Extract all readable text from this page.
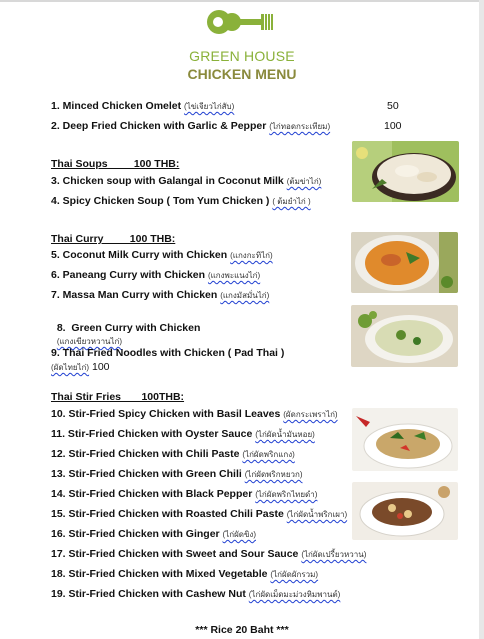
GREEN HOUSE
CHICKEN MENU
1. Minced Chicken Omelet (ไข่เจียวไก่สับ)	50
2. Deep Fried Chicken with Garlic & Pepper (ไก่ทอดกระเทียม)	100
Thai Soups         100 THB:
3. Chicken soup with Galangal in Coconut Milk (ต้มข่าไก่)
4. Spicy Chicken Soup ( Tom Yum Chicken ) ( ต้มยำไก่ )
Thai Curry         100 THB:
5. Coconut Milk Curry with Chicken (แกงกะทิไก่)
6. Paneang Curry with Chicken (แกงพะแนงไก่)
7. Massa Man Curry with Chicken (แกงมัสมั่นไก่)

8.  Green Curry with Chicken
(แกงเขียวหวานไก่)

9. Thai Fried Noodles with Chicken ( Pad Thai )
(ผัดไทยไก่) 100
Thai Stir Fries       100THB:
10. Stir-Fried Spicy Chicken with Basil Leaves (ผัดกระเพราไก่)
11. Stir-Fried Chicken with Oyster Sauce (ไก่ผัดน้ำมันหอย)
12. Stir-Fried Chicken with Chili Paste (ไก่ผัดพริกแกง)
13. Stir-Fried Chicken with Green Chili (ไก่ผัดพริกหยวก)
14. Stir-Fried Chicken with Black Pepper (ไก่ผัดพริกไทยดำ)
15. Stir-Fried Chicken with Roasted Chili Paste (ไก่ผัดน้ำพริกเผา)
16. Stir-Fried Chicken with Ginger (ไก่ผัดขิง)
17. Stir-Fried Chicken with Sweet and Sour Sauce (ไก่ผัดเปรี้ยวหวาน)
18. Stir-Fried Chicken with Mixed Vegetable (ไก่ผัดผักรวม)
19. Stir-Fried Chicken with Cashew Nut (ไก่ผัดเม็ดมะม่วงหิมพานต์)
*** Rice 20 Baht ***
